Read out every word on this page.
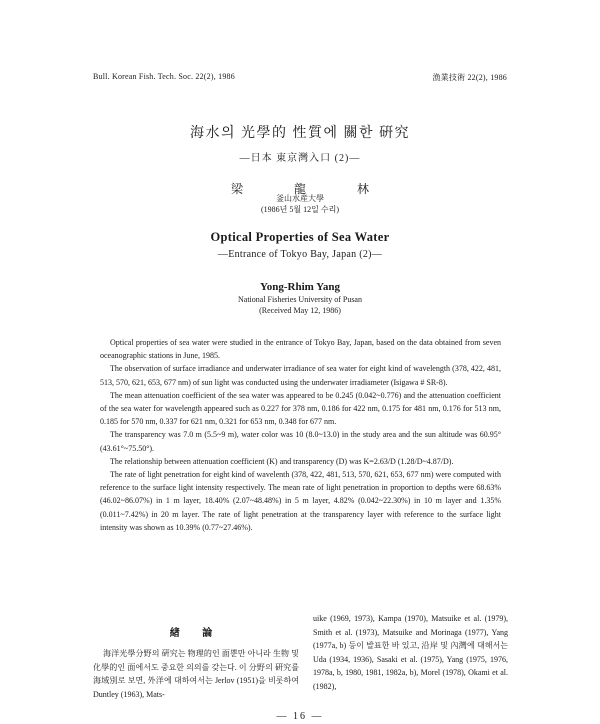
Bull. Korean Fish. Tech. Soc. 22(2), 1986	漁業技術 22(2), 1986
海水의 光學的 性質에 關한 硏究
—日本 東京灣入口 (2)—
梁	龍	林
釜山水産大學
(1986년 5월 12일 수리)
Optical Properties of Sea Water
—Entrance of Tokyo Bay, Japan (2)—
Yong-Rhim Yang
National Fisheries University of Pusan
(Received May 12, 1986)

Optical properties of sea water were studied in the entrance of Tokyo Bay, Japan, based on the data obtained from seven oceanographic stations in June, 1985.

The observation of surface irradiance and underwater irradiance of sea water for eight kind of wavelength (378, 422, 481, 513, 570, 621, 653, 677 nm) of sun light was conducted using the underwater irradiameter (Isigawa # SR-8).

The mean attenuation coefficient of the sea water was appeared to be 0.245 (0.042~0.776) and the attenuation coefficient of the sea water for wavelength appeared such as 0.227 for 378 nm, 0.186 for 422 nm, 0.175 for 481 nm, 0.176 for 513 nm, 0.185 for 570 nm, 0.337 for 621 nm, 0.321 for 653 nm, 0.348 for 677 nm.

The transparency was 7.0 m (5.5~9 m), water color was 10 (8.0~13.0) in the study area and the sun altitude was 60.95° (43.61°~75.50°).

The relationship between attenuation coefficient (K) and transparency (D) was K=2.63/D (1.28/D~4.87/D).

The rate of light penetration for eight kind of wavelenth (378, 422, 481, 513, 570, 621, 653, 677 nm) were computed with reference to the surface light intensity respectively. The mean rate of light penetration in proportion to depths were 68.63% (46.02~86.07%) in 1 m layer, 18.40% (2.07~48.48%) in 5 m layer, 4.82% (0.042~22.30%) in 10 m layer and 1.35% (0.011~7.42%) in 20 m layer. The rate of light penetration at the transparency layer with reference to the surface light intensity was shown as 10.39% (0.77~27.46%).

緖 論
海洋光學分野의 硏究는 物理的인 面뿐만 아니라 生物 및 化學的인 面에서도 중요한 의의를 갖는다. 이 分野의 硏究를 海域別로 보면, 外洋에 대하여서는 Jerlov (1951)을 비롯하여 Duntley (1963), Mats-
uike (1969, 1973), Kampa (1970), Matsuike et al. (1979), Smith et al. (1973), Matsuike and Morinaga (1977), Yang (1977a, b) 등이 발표한 바 있고, 沿岸 및 內灣에 대해서는 Uda (1934, 1936), Sasaki et al. (1975), Yang (1975, 1976, 1978a, b, 1980, 1981, 1982a, b), Morel (1978), Okami et al. (1982),
— 16 —
